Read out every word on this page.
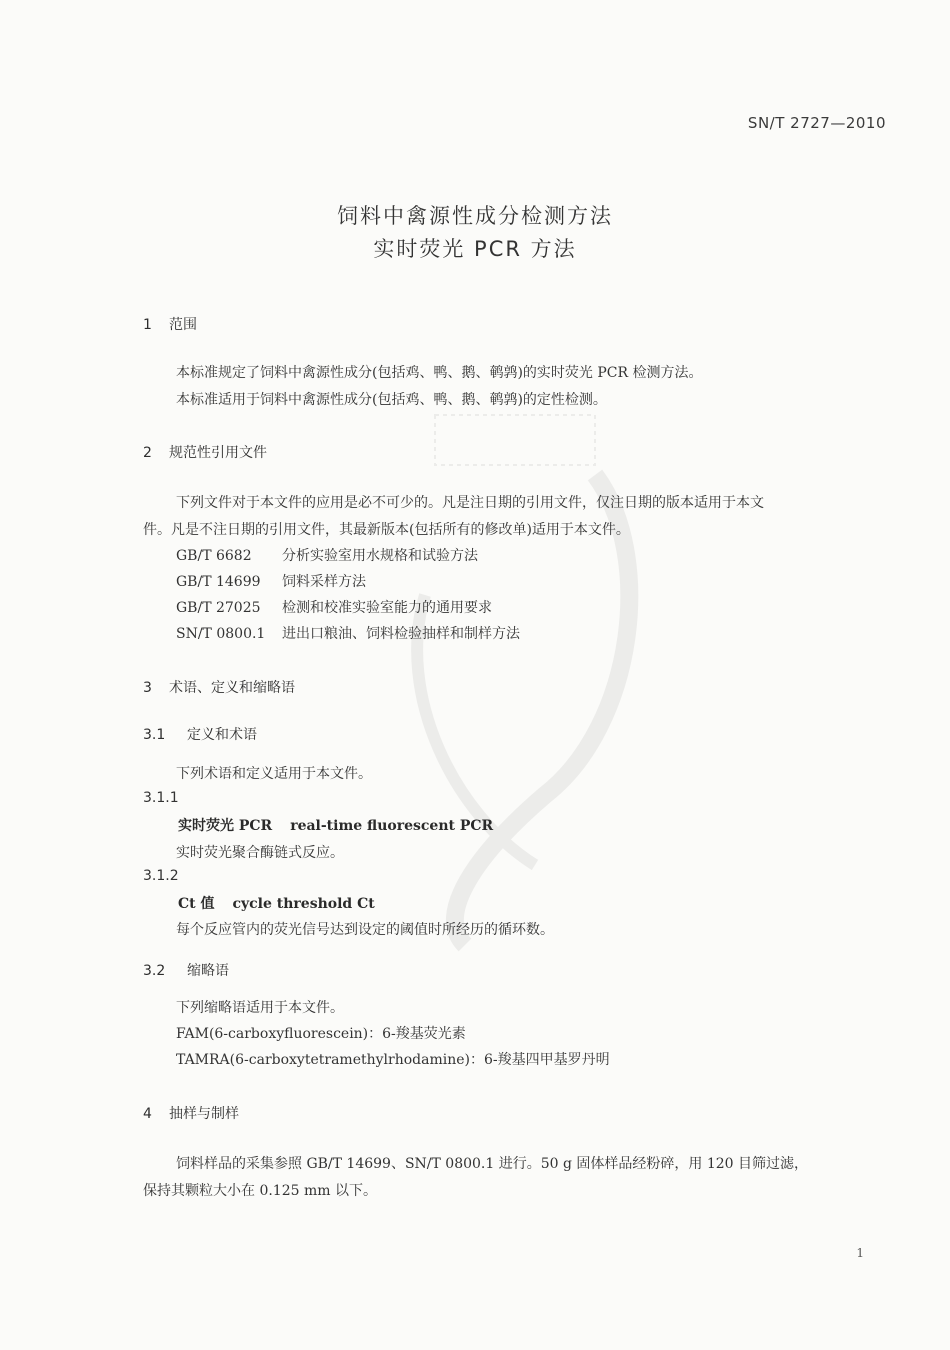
SN/T 2727—2010
饲料中禽源性成分检测方法
实时荧光 PCR 方法
1 范围
本标准规定了饲料中禽源性成分(包括鸡、鸭、鹅、鹌鹑)的实时荧光 PCR 检测方法。
本标准适用于饲料中禽源性成分(包括鸡、鸭、鹅、鹌鹑)的定性检测。
2 规范性引用文件
下列文件对于本文件的应用是必不可少的。凡是注日期的引用文件，仅注日期的版本适用于本文
件。凡是不注日期的引用文件，其最新版本(包括所有的修改单)适用于本文件。
GB/T 6682 分析实验室用水规格和试验方法
GB/T 14699 饲料采样方法
GB/T 27025 检测和校准实验室能力的通用要求
SN/T 0800.1 进出口粮油、饲料检验抽样和制样方法
3 术语、定义和缩略语
3.1 定义和术语
下列术语和定义适用于本文件。
3.1.1
实时荧光 PCR real-time fluorescent PCR
实时荧光聚合酶链式反应。
3.1.2
Ct 值 cycle threshold Ct
每个反应管内的荧光信号达到设定的阈值时所经历的循环数。
3.2 缩略语
下列缩略语适用于本文件。
FAM(6-carboxyfluorescein)：6-羧基荧光素
TAMRA(6-carboxytetramethylrhodamine)：6-羧基四甲基罗丹明
4 抽样与制样
饲料样品的采集参照 GB/T 14699、SN/T 0800.1 进行。50 g 固体样品经粉碎，用 120 目筛过滤，
保持其颗粒大小在 0.125 mm 以下。
1
